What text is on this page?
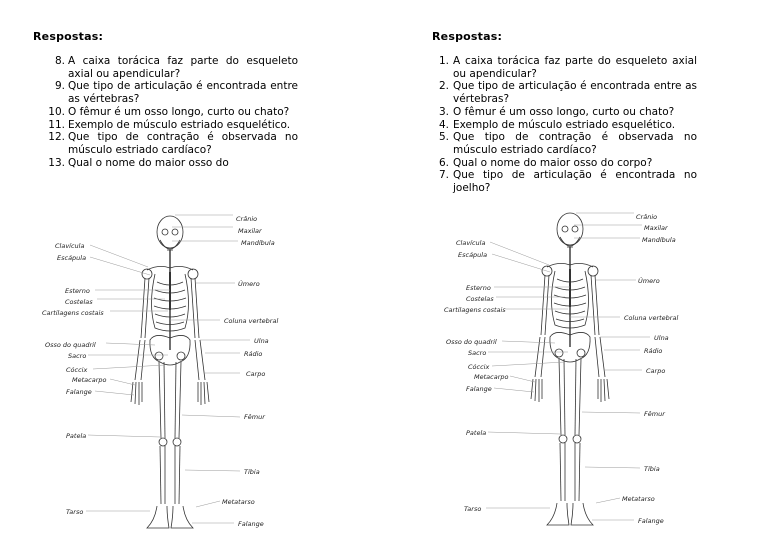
Respostas:
8. A caixa torácica faz parte do esqueleto axial ou apendicular?
9. Que tipo de articulação é encontrada entre as vértebras?
10. O fêmur é um osso longo, curto ou chato?
11. Exemplo de músculo estriado esquelético.
12. Que tipo de contração é observada no músculo estriado cardíaco?
13. Qual o nome do maior osso do
Crânio
Maxilar
Mandíbula
Clavícula
Escápula
Úmero
Esterno
Costelas
Cartilagens costais
Coluna vertebral
Osso do quadril	Ulna
Sacro	Rádio
Cóccix	Carpo
Metacarpo
Falange
Fêmur
Patela
Tíbia
Metatarso
Tarso
Falange
Respostas:
1. A caixa torácica faz parte do esqueleto axial ou apendicular?
2. Que tipo de articulação é encontrada entre as vértebras?
3. O fêmur é um osso longo, curto ou chato?
4. Exemplo de músculo estriado esquelético.
5. Que tipo de contração é observada no músculo estriado cardíaco?
6. Qual o nome do maior osso do corpo?
7. Que tipo de articulação é encontrada no joelho?
Crânio
Maxilar
Mandíbula
Clavícula
Escápula
Úmero
Esterno
Costelas
Cartilagens costais
Coluna vertebral
Osso do quadril	Ulna
Sacro	Rádio
Cóccix	Carpo
Metacarpo
Falange
Fêmur
Patela
Tíbia
Metatarso
Tarso
Falange
